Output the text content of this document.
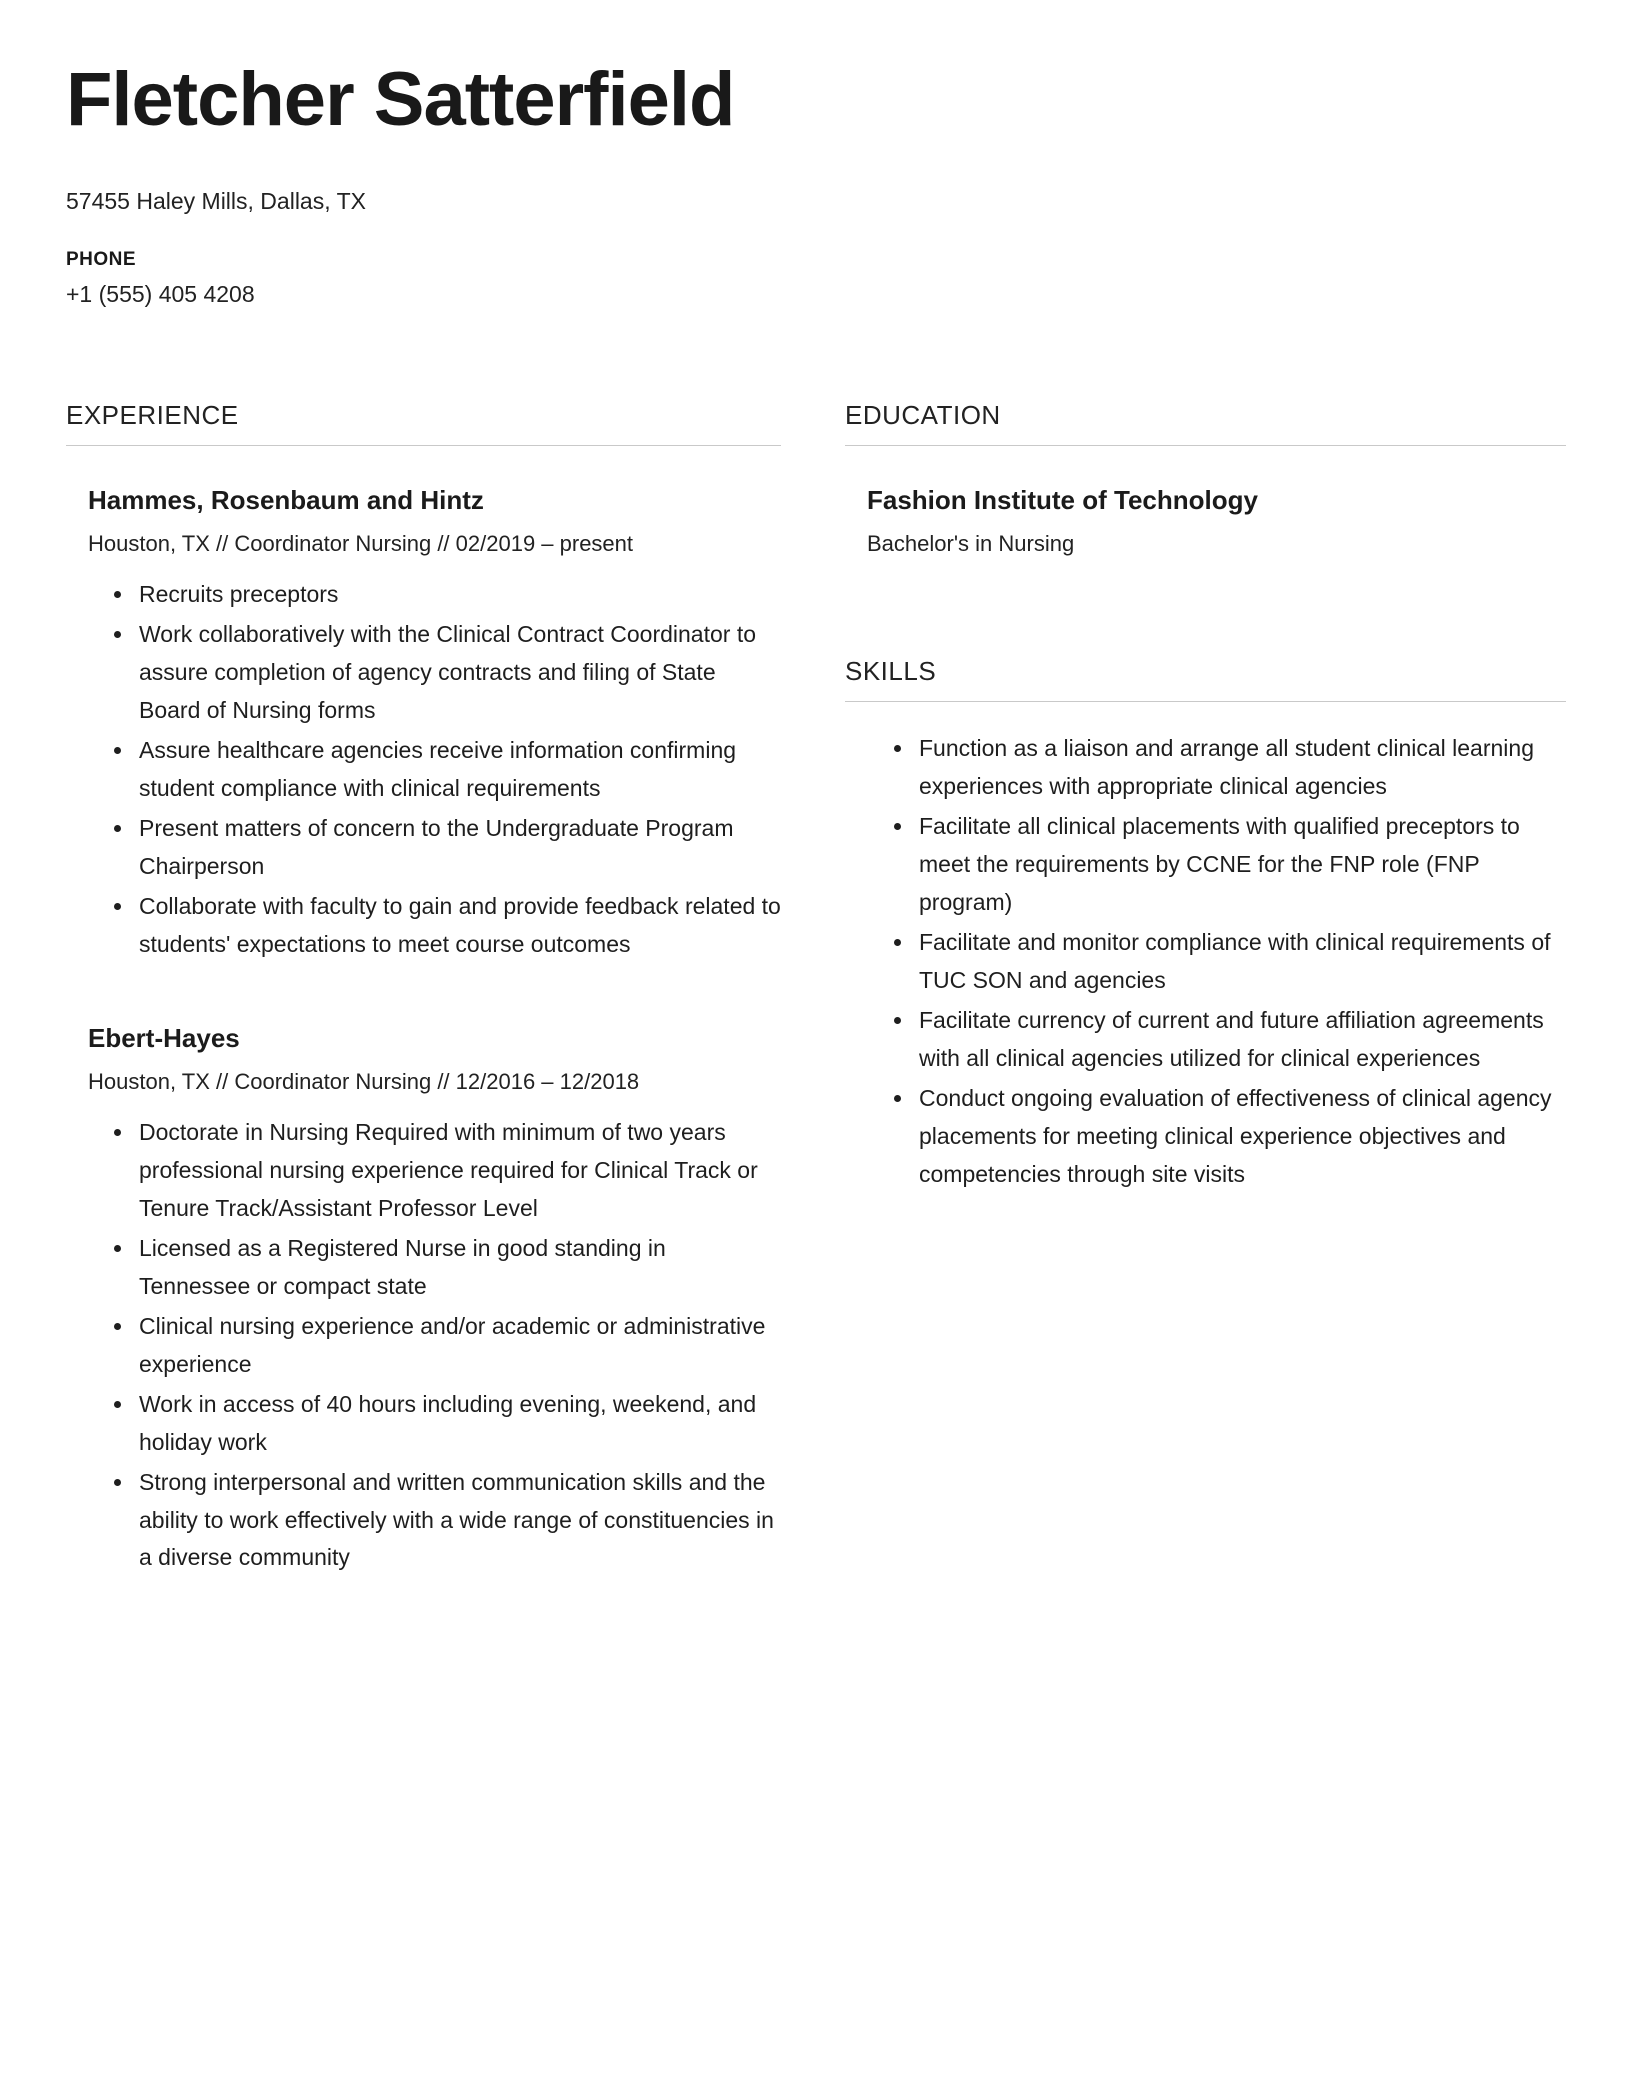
Fletcher Satterfield
57455 Haley Mills, Dallas, TX
PHONE
+1 (555) 405 4208
EXPERIENCE
Hammes, Rosenbaum and Hintz
Houston, TX // Coordinator Nursing // 02/2019 – present
• Recruits preceptors
• Work collaboratively with the Clinical Contract Coordinator to assure completion of agency contracts and filing of State Board of Nursing forms
• Assure healthcare agencies receive information confirming student compliance with clinical requirements
• Present matters of concern to the Undergraduate Program Chairperson
• Collaborate with faculty to gain and provide feedback related to students' expectations to meet course outcomes
Ebert-Hayes
Houston, TX // Coordinator Nursing // 12/2016 – 12/2018
• Doctorate in Nursing Required with minimum of two years professional nursing experience required for Clinical Track or Tenure Track/Assistant Professor Level
• Licensed as a Registered Nurse in good standing in Tennessee or compact state
• Clinical nursing experience and/or academic or administrative experience
• Work in access of 40 hours including evening, weekend, and holiday work
• Strong interpersonal and written communication skills and the ability to work effectively with a wide range of constituencies in a diverse community
EDUCATION
Fashion Institute of Technology
Bachelor's in Nursing
SKILLS
• Function as a liaison and arrange all student clinical learning experiences with appropriate clinical agencies
• Facilitate all clinical placements with qualified preceptors to meet the requirements by CCNE for the FNP role (FNP program)
• Facilitate and monitor compliance with clinical requirements of TUC SON and agencies
• Facilitate currency of current and future affiliation agreements with all clinical agencies utilized for clinical experiences
• Conduct ongoing evaluation of effectiveness of clinical agency placements for meeting clinical experience objectives and competencies through site visits
